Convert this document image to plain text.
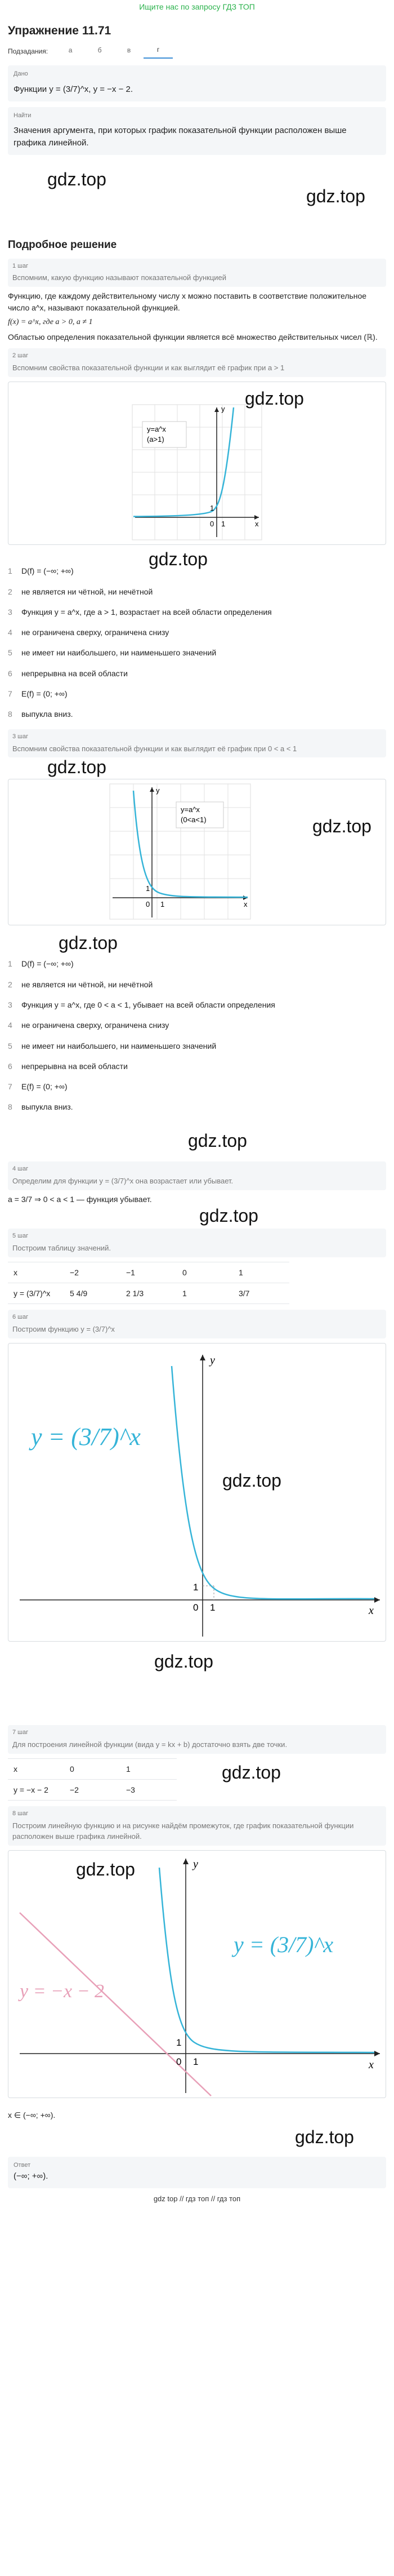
Ищите нас по запросу ГДЗ ТОП
Упражнение 11.71
Подзадания:	а	б	в	г
Дано
Функции y = (3/7)^x, y = −x − 2.
Найти
Значения аргумента, при которых график показательной функции расположен выше графика линейной.
gdz.top
gdz.top
Подробное решение
1 шаг
Вспомним, какую функцию называют показательной функцией
Функцию, где каждому действительному числу x можно поставить в соответствие положительное число a^x, называют показательной функцией.
f(x) = a^x, где a > 0, a ≠ 1
Областью определения показательной функции является всё множество действительных чисел (ℝ).
2 шаг
Вспомним свойства показательной функции и как выглядит её график при a > 1
gdz.top
y
x
0 1
1
y=a^x
(a>1)
gdz.top
1	D(f) = (−∞; +∞)
2	не является ни чётной, ни нечётной
3	Функция y = a^x, где a > 1, возрастает на всей области определения
4	не ограничена сверху, ограничена снизу
5	не имеет ни наибольшего, ни наименьшего значений
6	непрерывна на всей области
7	E(f) = (0; +∞)
8	выпукла вниз.
3 шаг
Вспомним свойства показательной функции и как выглядит её график при 0 < a < 1
gdz.top
gdz.top
y
x
0 1
1
y=a^x
(0<a<1)
gdz.top
1	D(f) = (−∞; +∞)
2	не является ни чётной, ни нечётной
3	Функция y = a^x, где 0 < a < 1, убывает на всей области определения
4	не ограничена сверху, ограничена снизу
5	не имеет ни наибольшего, ни наименьшего значений
6	непрерывна на всей области
7	E(f) = (0; +∞)
8	выпукла вниз.
gdz.top
4 шаг
Определим для функции y = (3/7)^x она возрастает или убывает.
a = 3/7 ⇒ 0 < a < 1 — функция убывает.
gdz.top
5 шаг
Построим таблицу значений.
x	−2	−1	0	1
y = (3/7)^x	5 4/9	2 1/3	1	3/7
6 шаг
Построим функцию y = (3/7)^x
gdz.top
y
x
0 1
1
y = (3/7)^x
gdz.top
7 шаг
Для построения линейной функции (вида y = kx + b) достаточно взять две точки.
gdz.top
x	0	1
y = −x − 2	−2	−3
8 шаг
Построим линейную функцию и на рисунке найдём промежуток, где график показательной функции расположен выше графика линейной.
gdz.top	y
x
0 1
1
y = (3/7)^x
y = −x − 2
x ∈ (−∞; +∞).
gdz.top
Ответ
(−∞; +∞).
gdz top // гдз топ // гдз топ
